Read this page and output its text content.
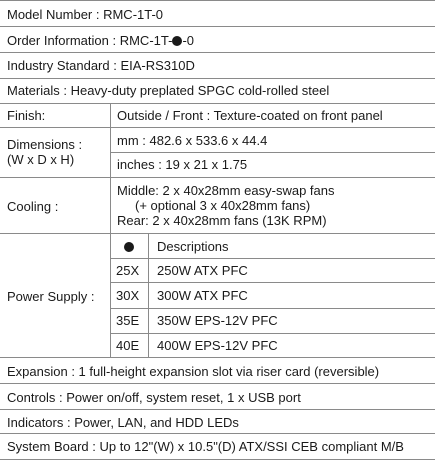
Model Number : RMC-1T-0
Order Information : RMC-1T- -0
Industry Standard : EIA-RS310D
Materials : Heavy-duty preplated SPGC cold-rolled steel
Finish:	Outside / Front : Texture-coated on front panel
Dimensions :
(W x D x H)
mm : 482.6 x 533.6 x 44.4
inches : 19 x 21 x 1.75
Cooling :
Middle: 2 x 40x28mm easy-swap fans
(+ optional 3 x 40x28mm fans)
Rear: 2 x 40x28mm fans (13K RPM)
Power Supply :
Descriptions
25X 250W ATX PFC
30X 300W ATX PFC
35E 350W EPS-12V PFC
40E 400W EPS-12V PFC
Expansion : 1 full-height expansion slot via riser card (reversible)
Controls : Power on/off, system reset, 1 x USB port
Indicators : Power, LAN, and HDD LEDs
System Board : Up to 12"(W) x 10.5"(D) ATX/SSI CEB compliant M/B
